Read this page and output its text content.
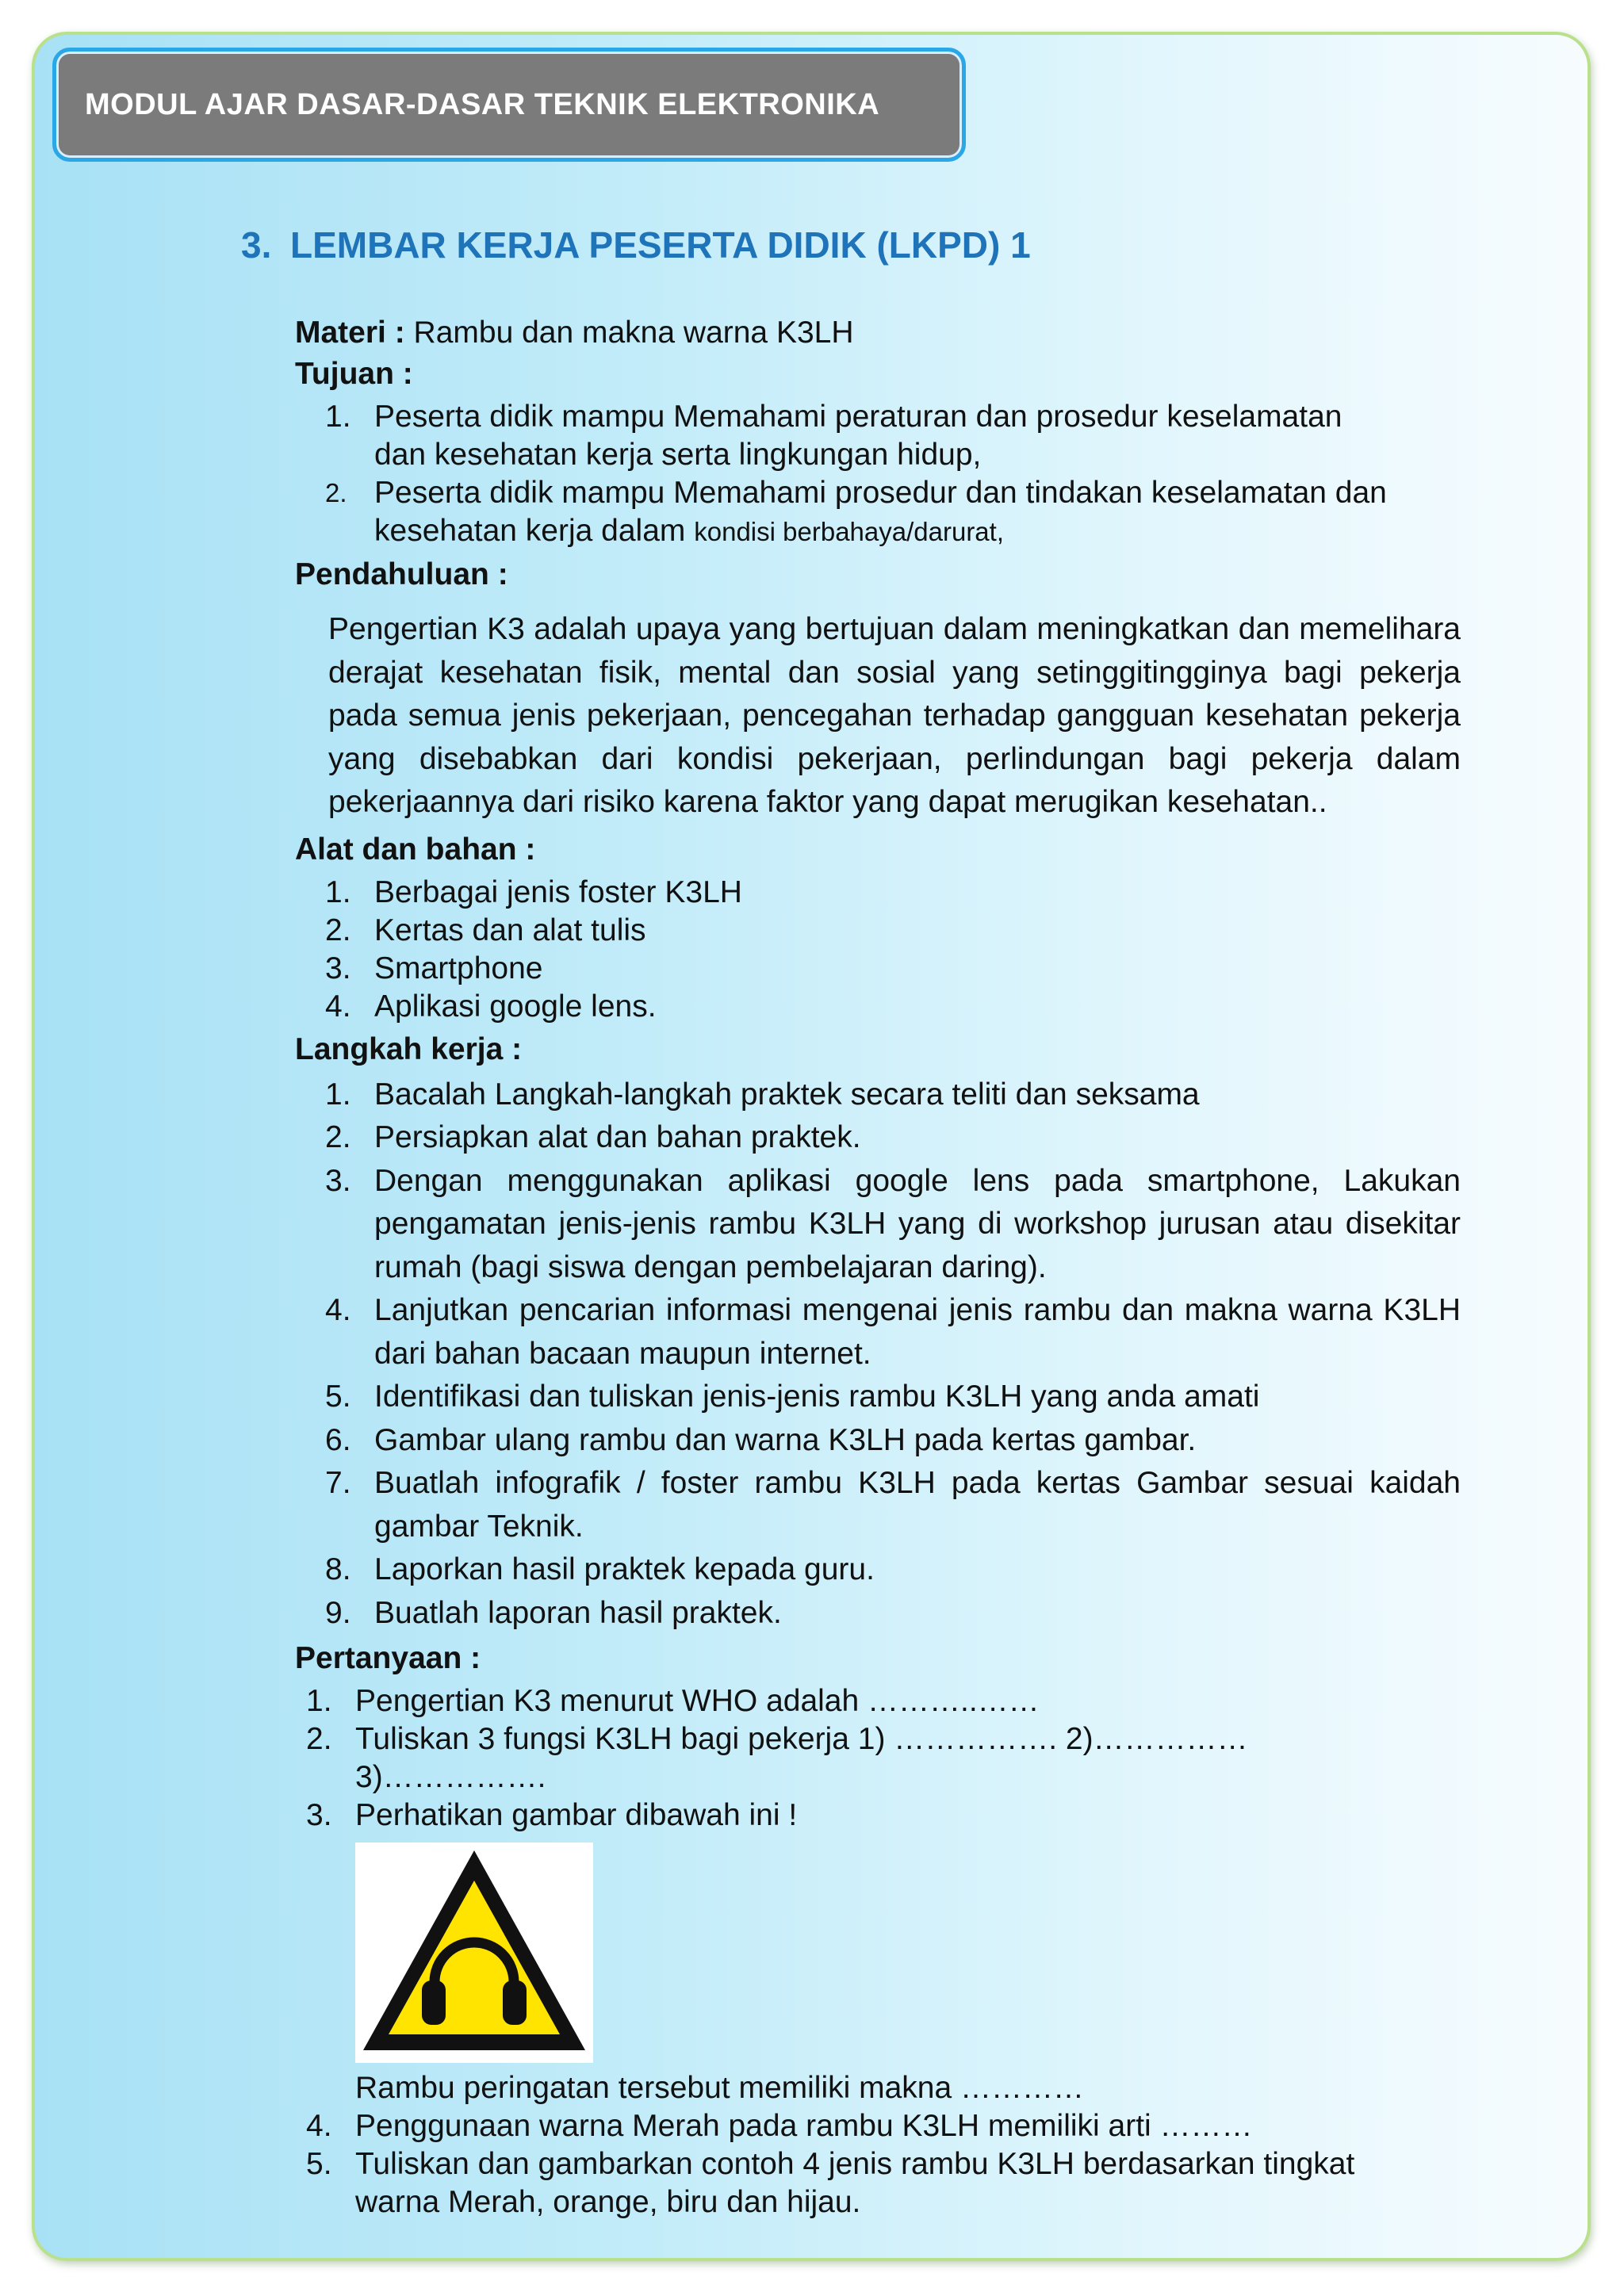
MODUL AJAR DASAR-DASAR TEKNIK ELEKTRONIKA
3. LEMBAR KERJA PESERTA DIDIK (LKPD) 1

Materi : Rambu dan makna warna K3LH

Tujuan :

1. Peserta didik mampu Memahami peraturan dan prosedur keselamatan
dan kesehatan kerja serta lingkungan hidup,
2. Peserta didik mampu Memahami prosedur dan tindakan keselamatan dan
kesehatan kerja dalam kondisi berbahaya/darurat,

Pendahuluan :

Pengertian K3 adalah upaya yang bertujuan dalam meningkatkan dan memelihara derajat kesehatan fisik, mental dan sosial yang setinggitingginya bagi pekerja pada semua jenis pekerjaan, pencegahan terhadap gangguan kesehatan pekerja yang disebabkan dari kondisi pekerjaan, perlindungan bagi pekerja dalam pekerjaannya dari risiko karena faktor yang dapat merugikan kesehatan..

Alat dan bahan :

1. Berbagai jenis foster K3LH
2. Kertas dan alat tulis
3. Smartphone
4. Aplikasi google lens.

Langkah kerja :

1. Bacalah Langkah-langkah praktek secara teliti dan seksama
2. Persiapkan alat dan bahan praktek.
3. Dengan menggunakan aplikasi google lens pada smartphone, Lakukan pengamatan jenis-jenis rambu K3LH yang di workshop jurusan atau disekitar rumah (bagi siswa dengan pembelajaran daring).
4. Lanjutkan pencarian informasi mengenai jenis rambu dan makna warna K3LH dari bahan bacaan maupun internet.
5. Identifikasi dan tuliskan jenis-jenis rambu K3LH yang anda amati
6. Gambar ulang rambu dan warna K3LH pada kertas gambar.
7. Buatlah infografik / foster rambu K3LH pada kertas Gambar sesuai kaidah gambar Teknik.
8. Laporkan hasil praktek kepada guru.
9. Buatlah laporan hasil praktek.

Pertanyaan :

1. Pengertian K3 menurut WHO adalah ………..……
2. Tuliskan 3 fungsi K3LH bagi pekerja 1) ……………. 2)……………
3)…………….
3. Perhatikan gambar dibawah ini !
Rambu peringatan tersebut memiliki makna …………
4. Penggunaan warna Merah pada rambu K3LH memiliki arti ………
5. Tuliskan dan gambarkan contoh 4 jenis rambu K3LH berdasarkan tingkat
warna Merah, orange, biru dan hijau.
